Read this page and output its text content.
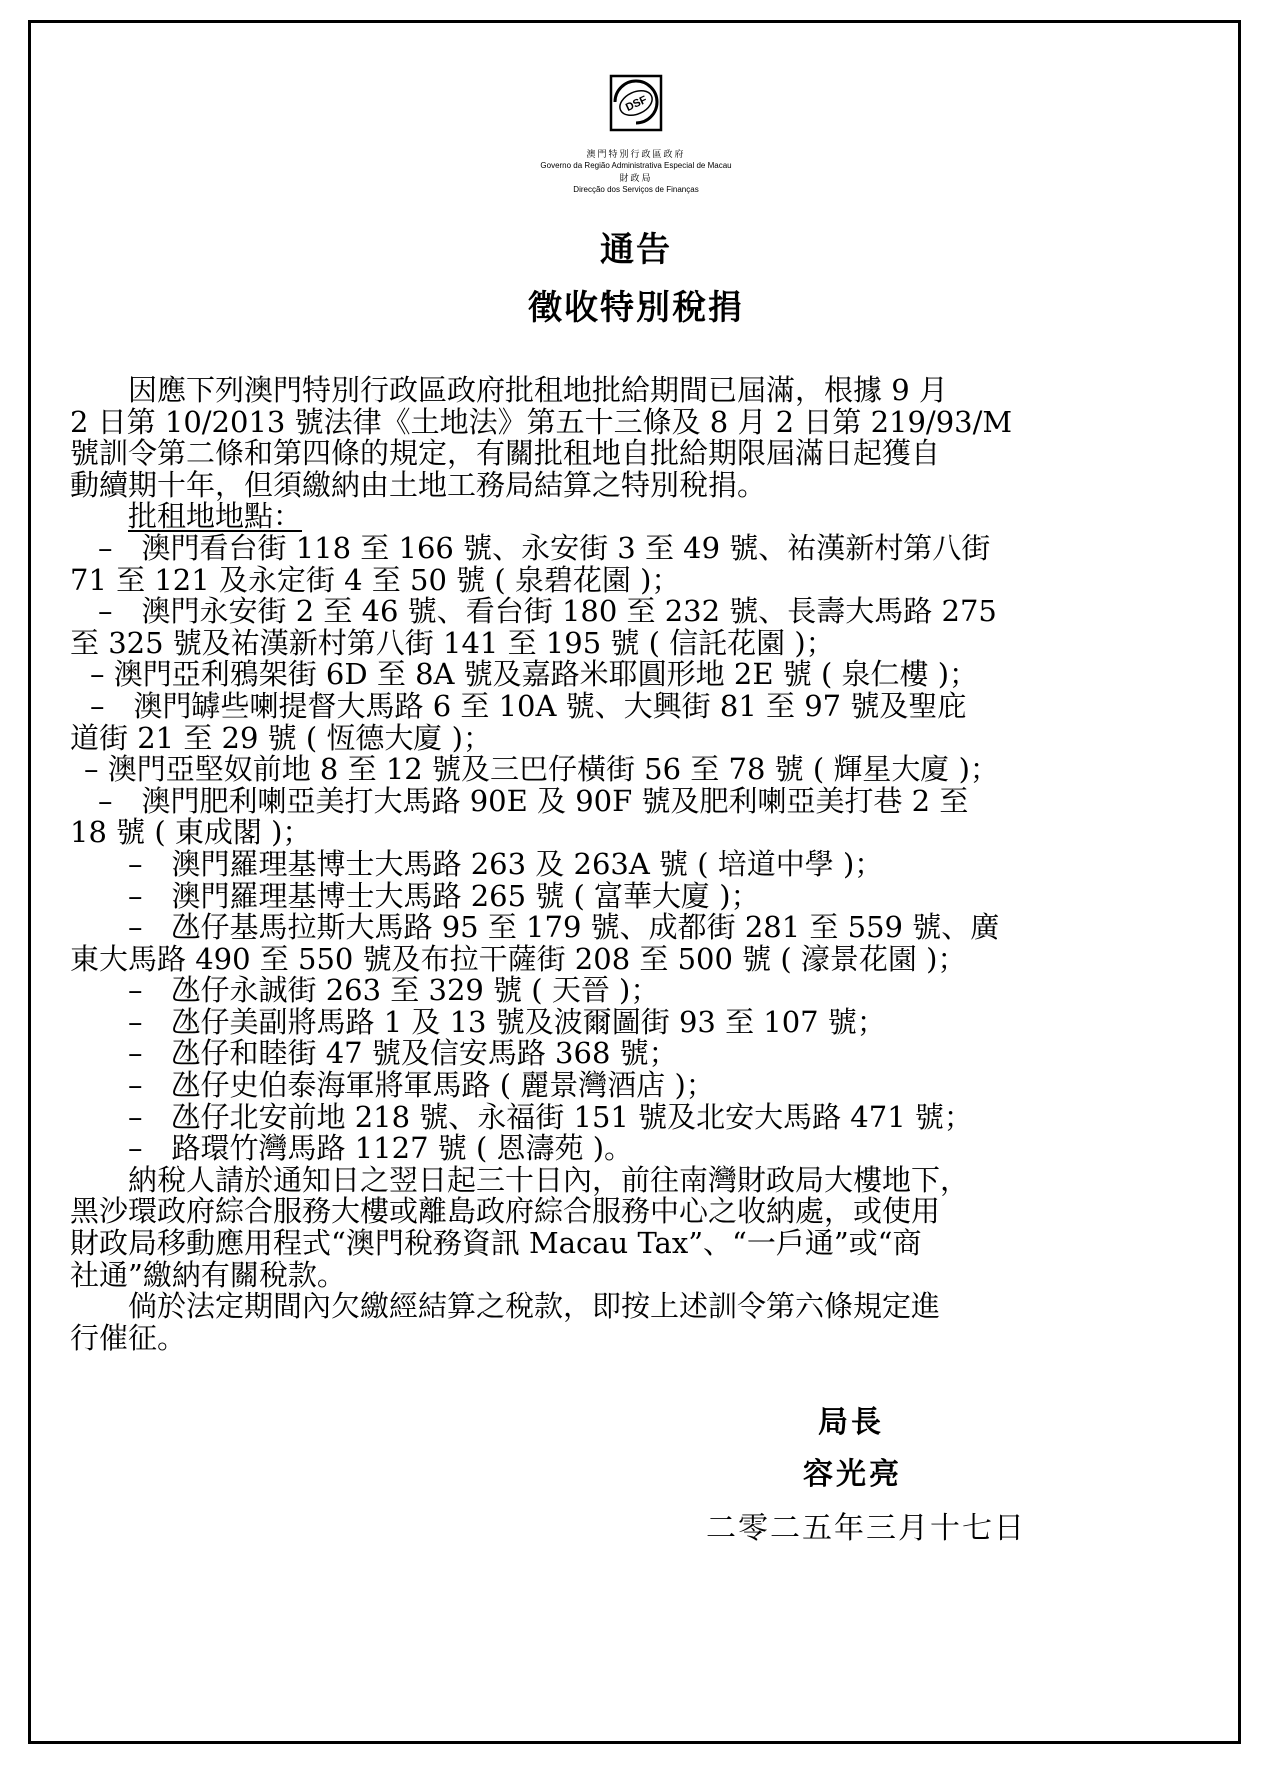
DSF
澳門特別行政區政府
Governo da Região Administrativa Especial de Macau
財政局
Direcção dos Serviços de Finanças
通告
徵收特別稅捐
因應下列澳門特別行政區政府批租地批給期間已屆滿，根據 9 月
2 日第 10/2013 號法律《土地法》第五十三條及 8 月 2 日第 219/93/M
號訓令第二條和第四條的規定，有關批租地自批給期限屆滿日起獲自
動續期十年，但須繳納由土地工務局結算之特別稅捐。
批租地地點：
–　澳門看台街 118 至 166 號、永安街 3 至 49 號、祐漢新村第八街
71 至 121 及永定街 4 至 50 號 ( 泉碧花園 )；
–　澳門永安街 2 至 46 號、看台街 180 至 232 號、長壽大馬路 275
至 325 號及祐漢新村第八街 141 至 195 號 ( 信託花園 )；
– 澳門亞利鴉架街 6D 至 8A 號及嘉路米耶圓形地 2E 號 ( 泉仁樓 )；
–　澳門罅些喇提督大馬路 6 至 10A 號、大興街 81 至 97 號及聖庇
道街 21 至 29 號 ( 恆德大廈 )；
– 澳門亞堅奴前地 8 至 12 號及三巴仔橫街 56 至 78 號 ( 輝星大廈 )；
–　澳門肥利喇亞美打大馬路 90E 及 90F 號及肥利喇亞美打巷 2 至
18 號 ( 東成閣 )；
–　澳門羅理基博士大馬路 263 及 263A 號 ( 培道中學 )；
–　澳門羅理基博士大馬路 265 號 ( 富華大廈 )；
–　氹仔基馬拉斯大馬路 95 至 179 號、成都街 281 至 559 號、廣
東大馬路 490 至 550 號及布拉干薩街 208 至 500 號 ( 濠景花園 )；
–　氹仔永誠街 263 至 329 號 ( 天晉 )；
–　氹仔美副將馬路 1 及 13 號及波爾圖街 93 至 107 號；
–　氹仔和睦街 47 號及信安馬路 368 號；
–　氹仔史伯泰海軍將軍馬路 ( 麗景灣酒店 )；
–　氹仔北安前地 218 號、永福街 151 號及北安大馬路 471 號；
–　路環竹灣馬路 1127 號 ( 恩濤苑 )。
納稅人請於通知日之翌日起三十日內，前往南灣財政局大樓地下，
黑沙環政府綜合服務大樓或離島政府綜合服務中心之收納處，或使用
財政局移動應用程式“澳門稅務資訊 Macau Tax”、“一戶通”或“商
社通”繳納有關稅款。
倘於法定期間內欠繳經結算之稅款，即按上述訓令第六條規定進
行催征。
局長
容光亮
二零二五年三月十七日
